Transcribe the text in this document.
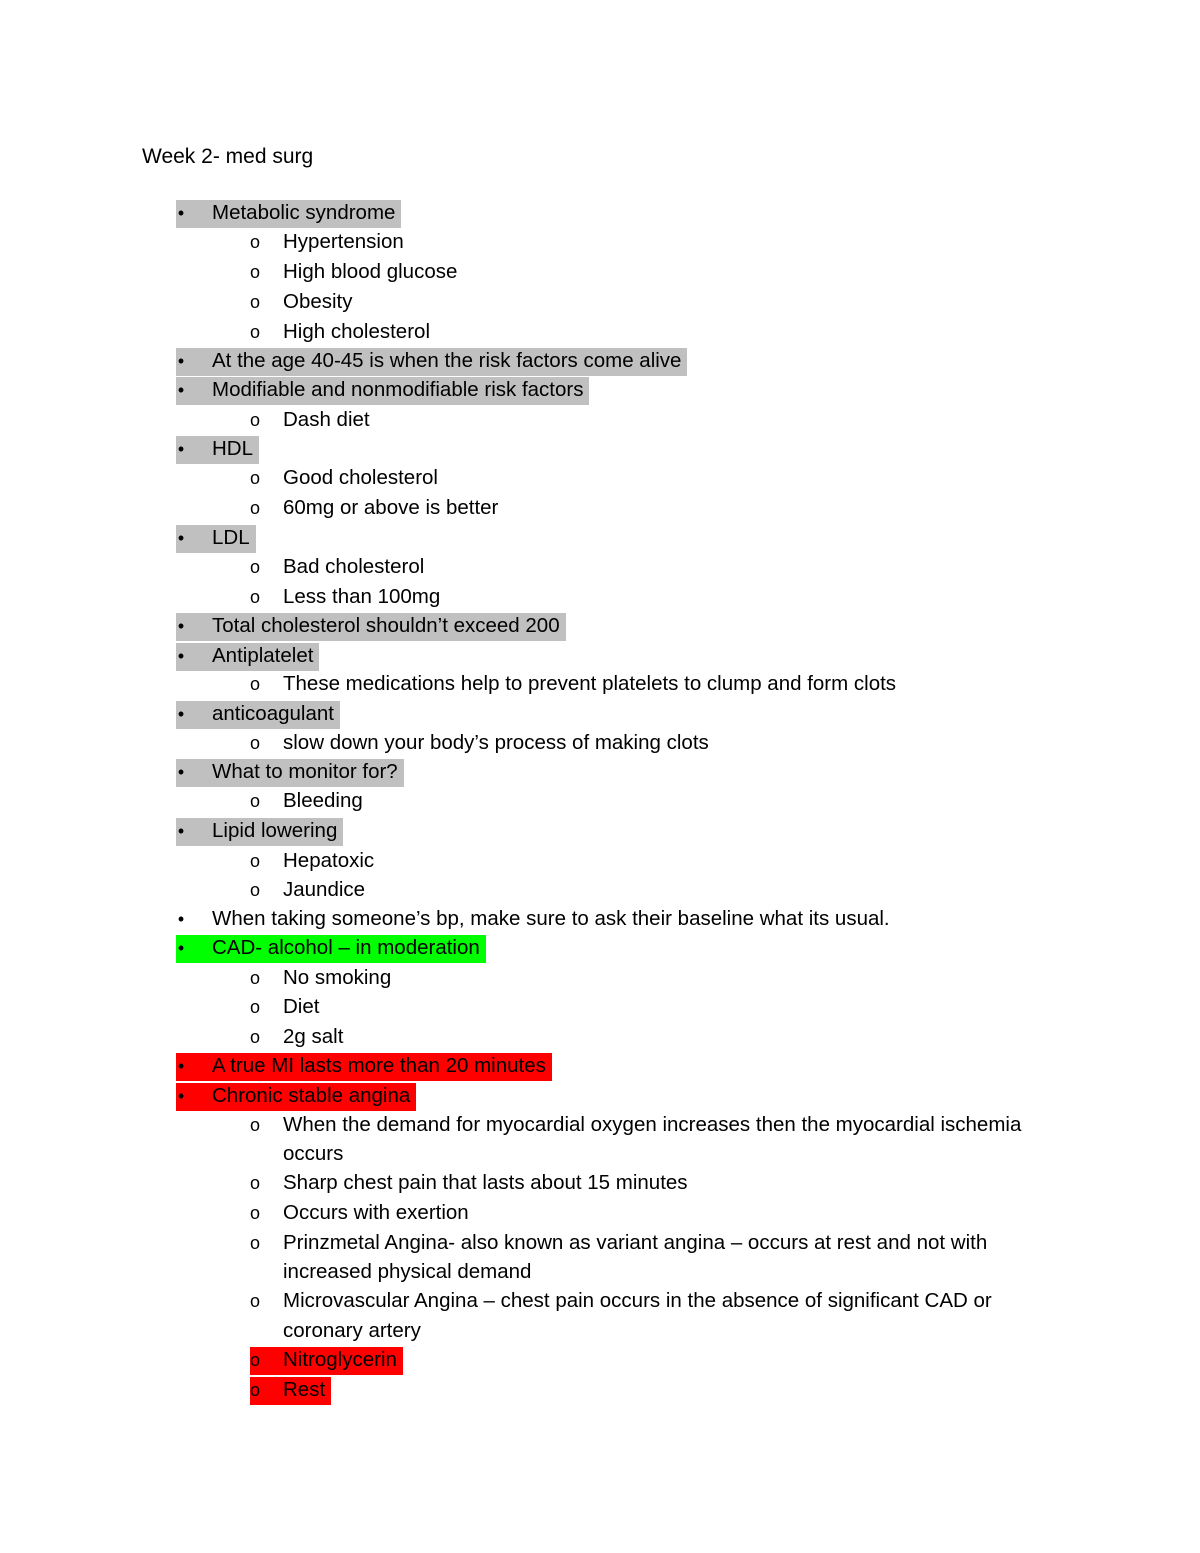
Week 2- med surg
•	Metabolic syndrome
o	Hypertension
o	High blood glucose
o	Obesity
o	High cholesterol
•	At the age 40-45 is when the risk factors come alive
•	Modifiable and nonmodifiable risk factors
o	Dash diet
•	HDL
o	Good cholesterol
o	60mg or above is better
•	LDL
o	Bad cholesterol
o	Less than 100mg
•	Total cholesterol shouldn’t exceed 200
•	Antiplatelet
o	These medications help to prevent platelets to clump and form clots
•	anticoagulant
o	slow down your body’s process of making clots
•	What to monitor for?
o	Bleeding
•	Lipid lowering
o	Hepatoxic
o	Jaundice
•	When taking someone’s bp, make sure to ask their baseline what its usual.
•	CAD- alcohol – in moderation
o	No smoking
o	Diet
o	2g salt
•	A true MI lasts more than 20 minutes
•	Chronic stable angina
o	When the demand for myocardial oxygen increases then the myocardial ischemia
occurs
o	Sharp chest pain that lasts about 15 minutes
o	Occurs with exertion
o	Prinzmetal Angina- also known as variant angina – occurs at rest and not with
increased physical demand
o	Microvascular Angina – chest pain occurs in the absence of significant CAD or
coronary artery
o	Nitroglycerin
o	Rest
